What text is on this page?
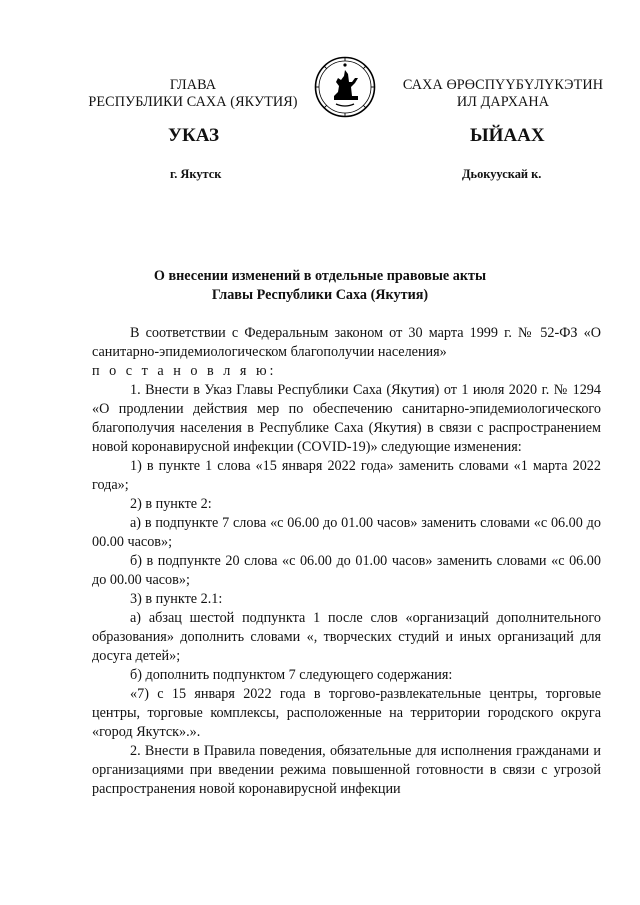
ГЛАВА
РЕСПУБЛИКИ САХА (ЯКУТИЯ)
САХА ӨРӨСПҮҮБҮЛҮКЭТИН
ИЛ ДАРХАНА
УКАЗ	ЫЙААХ
г. Якутск	Дьокуускай к.
О внесении изменений в отдельные правовые акты
Главы Республики Саха (Якутия)

В соответствии с Федеральным законом от 30 марта 1999 г. № 52-ФЗ «О санитарно-эпидемиологическом благополучии населения»

п о с т а н о в л я ю:

1. Внести в Указ Главы Республики Саха (Якутия) от 1 июля 2020 г. № 1294 «О продлении действия мер по обеспечению санитарно-эпидемиологического благополучия населения в Республике Саха (Якутия) в связи с распространением новой коронавирусной инфекции (COVID-19)» следующие изменения:

1) в пункте 1 слова «15 января 2022 года» заменить словами «1 марта 2022 года»;

2) в пункте 2:

а) в подпункте 7 слова «с 06.00 до 01.00 часов» заменить словами «с 06.00 до 00.00 часов»;

б) в подпункте 20 слова «с 06.00 до 01.00 часов» заменить словами «с 06.00 до 00.00 часов»;

3) в пункте 2.1:

а) абзац шестой подпункта 1 после слов «организаций дополнительного образования» дополнить словами «, творческих студий и иных организаций для досуга детей»;

б) дополнить подпунктом 7 следующего содержания:

«7) с 15 января 2022 года в торгово-развлекательные центры, торговые центры, торговые комплексы, расположенные на территории городского округа «город Якутск».».

2. Внести в Правила поведения, обязательные для исполнения гражданами и организациями при введении режима повышенной готовности в связи с угрозой распространения новой коронавирусной инфекции
